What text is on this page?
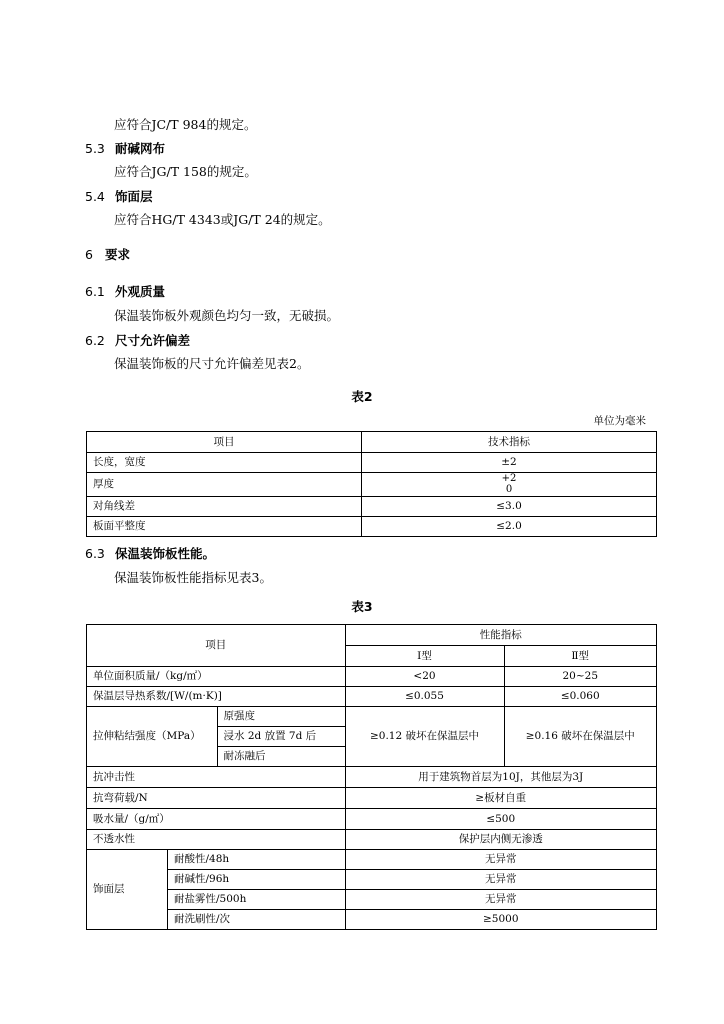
应符合JC/T 984的规定。
5.3 耐碱网布
应符合JG/T 158的规定。
5.4 饰面层
应符合HG/T 4343或JG/T 24的规定。
6 要求
6.1 外观质量
保温装饰板外观颜色均匀一致，无破损。
6.2 尺寸允许偏差
保温装饰板的尺寸允许偏差见表2。
表2
单位为毫米
项目	技术指标
长度，宽度	±2
厚度	+2
0
对角线差	≤3.0
板面平整度	≤2.0
6.3 保温装饰板性能。
保温装饰板性能指标见表3。
表3
项目			性能指标	
			Ⅰ型	Ⅱ型
单位面积质量/（kg/㎡）			<20	20~25
保温层导热系数/[W/(m·K)]			≤0.055	≤0.060
拉伸粘结强度（MPa）		原强度	≥0.12 破坏在保温层中	≥0.16 破坏在保温层中
		浸水 2d 放置 7d 后		
		耐冻融后		
抗冲击性			用于建筑物首层为10J，其他层为3J	
抗弯荷载/N			≥板材自重	
吸水量/（g/㎡）			≤500	
不透水性			保护层内侧无渗透	
饰面层	耐酸性/48h		无异常	
	耐碱性/96h		无异常	
	耐盐雾性/500h		无异常	
	耐洗刷性/次		≥5000	
